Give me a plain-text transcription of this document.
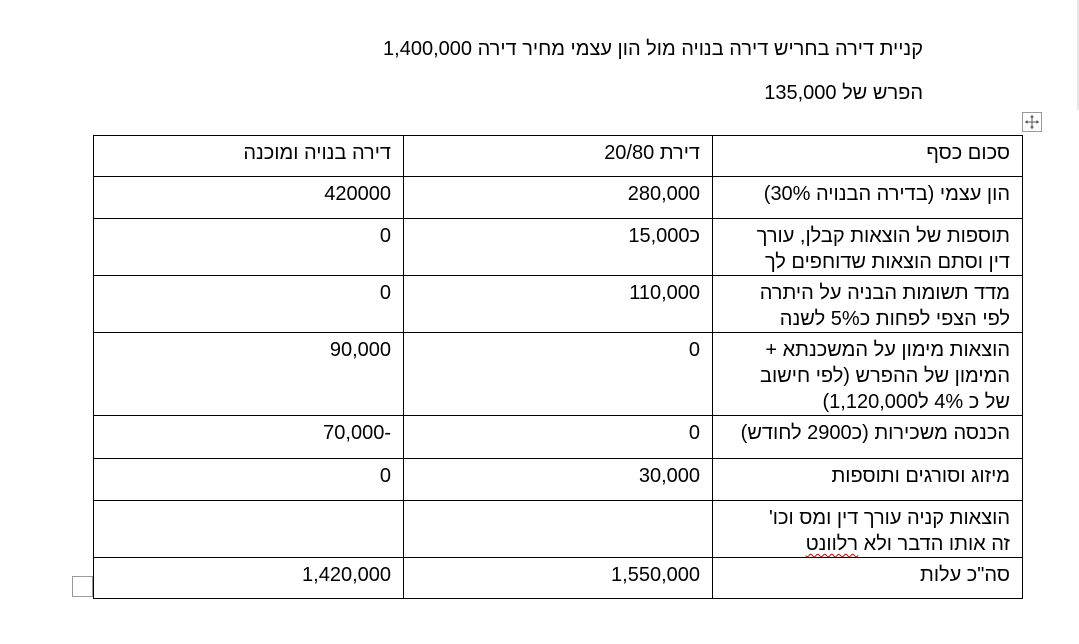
קניית דירה בחריש דירה בנויה מול הון עצמי מחיר דירה 1,400,000
הפרש של 135,000
סכום כסף	דירת 20/80	דירה בנויה ומוכנה
הון עצמי (בדירה הבנויה 30%)	280,000	420000

תוספות של הוצאות קבלן, עורך
דין וסתם הוצאות שדוחפים לך	כ15,000	0

מדד תשומות הבניה על היתרה
לפי הצפי לפחות כ5% לשנה	110,000	0

הוצאות מימון על המשכנתא +
המימון של ההפרש (לפי חישוב
של כ 4% ל1,120,000)	0	90,000
הכנסה משכירות (כ2900 לחודש)	0	-70,000
מיזוג וסורגים ותוספות	30,000	0

הוצאות קניה עורך דין ומס וכו'
זה אותו הדבר ולא רלוונט		

סה"כ עלות	1,550,000	1,420,000
